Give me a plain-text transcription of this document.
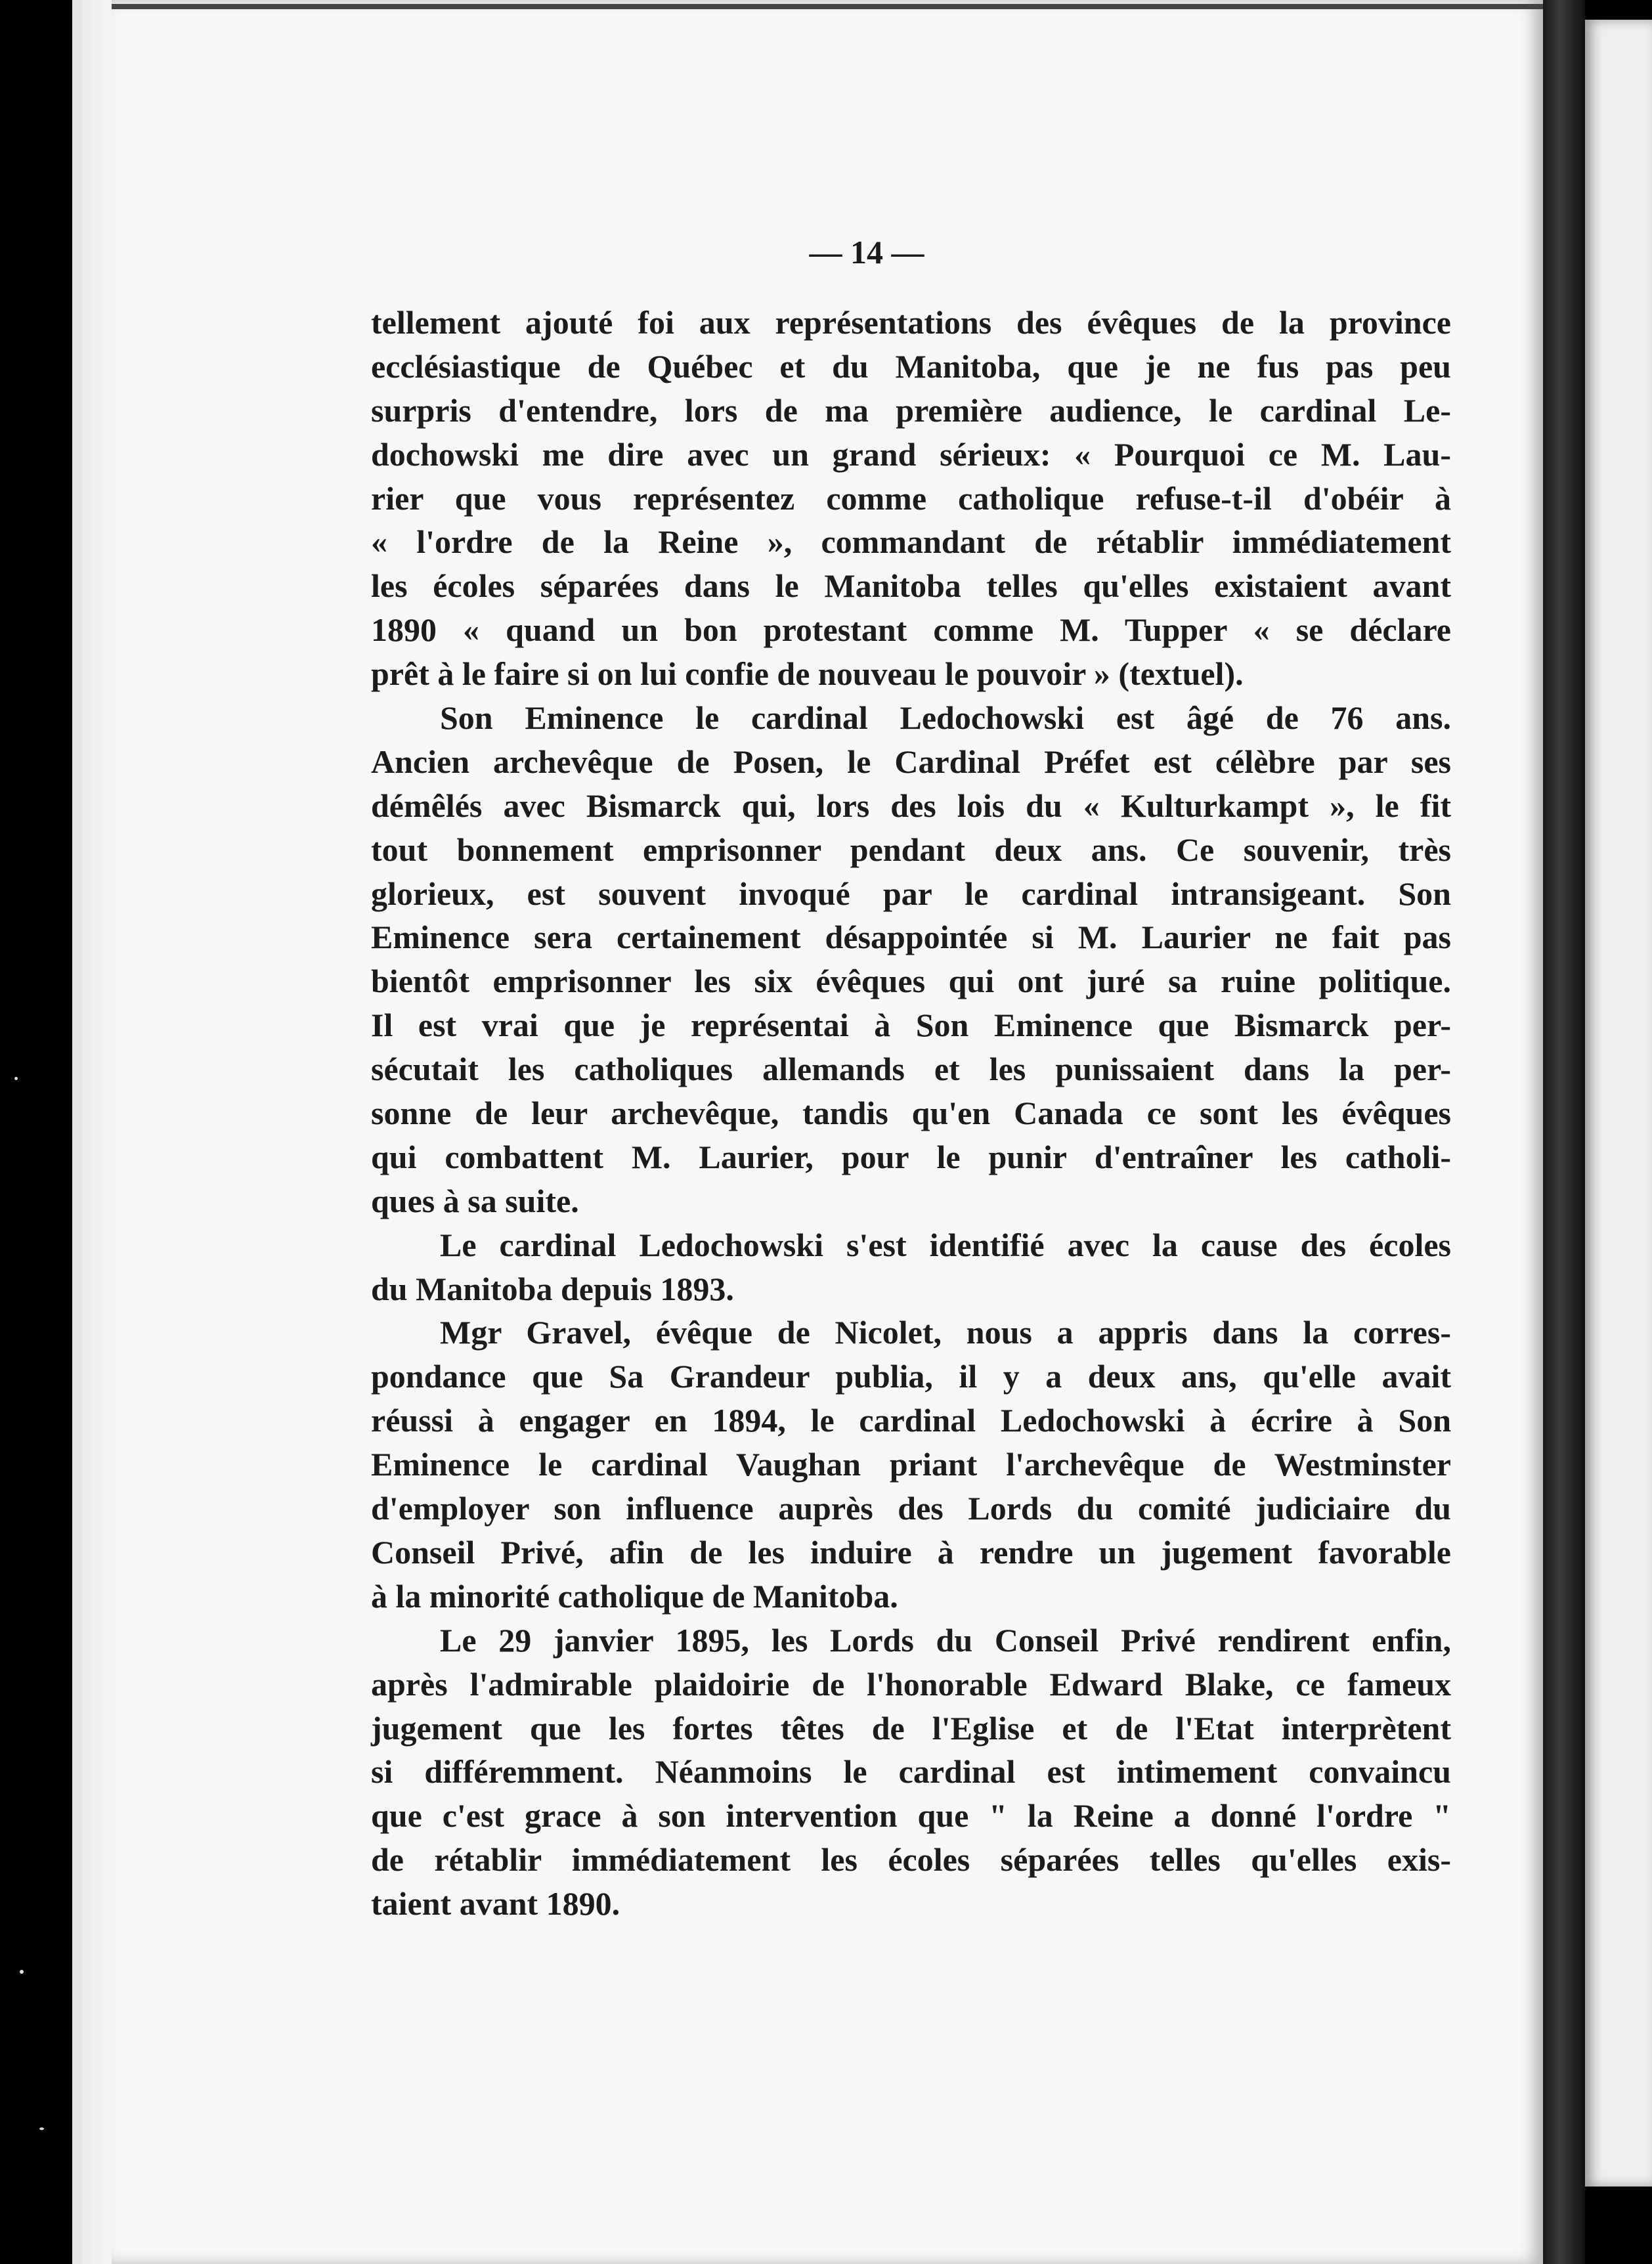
— 14 —
tellement ajouté foi aux représentations des évêques de la province
ecclésiastique de Québec et du Manitoba, que je ne fus pas peu
surpris d'entendre, lors de ma première audience, le cardinal Le-
dochowski me dire avec un grand sérieux: « Pourquoi ce M. Lau-
rier que vous représentez comme catholique refuse-t-il d'obéir à
« l'ordre de la Reine », commandant de rétablir immédiatement
les écoles séparées dans le Manitoba telles qu'elles existaient avant
1890 « quand un bon protestant comme M. Tupper « se déclare
prêt à le faire si on lui confie de nouveau le pouvoir » (textuel).
Son Eminence le cardinal Ledochowski est âgé de 76 ans.
Ancien archevêque de Posen, le Cardinal Préfet est célèbre par ses
démêlés avec Bismarck qui, lors des lois du « Kulturkampt », le fit
tout bonnement emprisonner pendant deux ans. Ce souvenir, très
glorieux, est souvent invoqué par le cardinal intransigeant. Son
Eminence sera certainement désappointée si M. Laurier ne fait pas
bientôt emprisonner les six évêques qui ont juré sa ruine politique.
Il est vrai que je représentai à Son Eminence que Bismarck per-
sécutait les catholiques allemands et les punissaient dans la per-
sonne de leur archevêque, tandis qu'en Canada ce sont les évêques
qui combattent M. Laurier, pour le punir d'entraîner les catholi-
ques à sa suite.
Le cardinal Ledochowski s'est identifié avec la cause des écoles
du Manitoba depuis 1893.
Mgr Gravel, évêque de Nicolet, nous a appris dans la corres-
pondance que Sa Grandeur publia, il y a deux ans, qu'elle avait
réussi à engager en 1894, le cardinal Ledochowski à écrire à Son
Eminence le cardinal Vaughan priant l'archevêque de Westminster
d'employer son influence auprès des Lords du comité judiciaire du
Conseil Privé, afin de les induire à rendre un jugement favorable
à la minorité catholique de Manitoba.
Le 29 janvier 1895, les Lords du Conseil Privé rendirent enfin,
après l'admirable plaidoirie de l'honorable Edward Blake, ce fameux
jugement que les fortes têtes de l'Eglise et de l'Etat interprètent
si différemment. Néanmoins le cardinal est intimement convaincu
que c'est grace à son intervention que " la Reine a donné l'ordre "
de rétablir immédiatement les écoles séparées telles qu'elles exis-
taient avant 1890.
